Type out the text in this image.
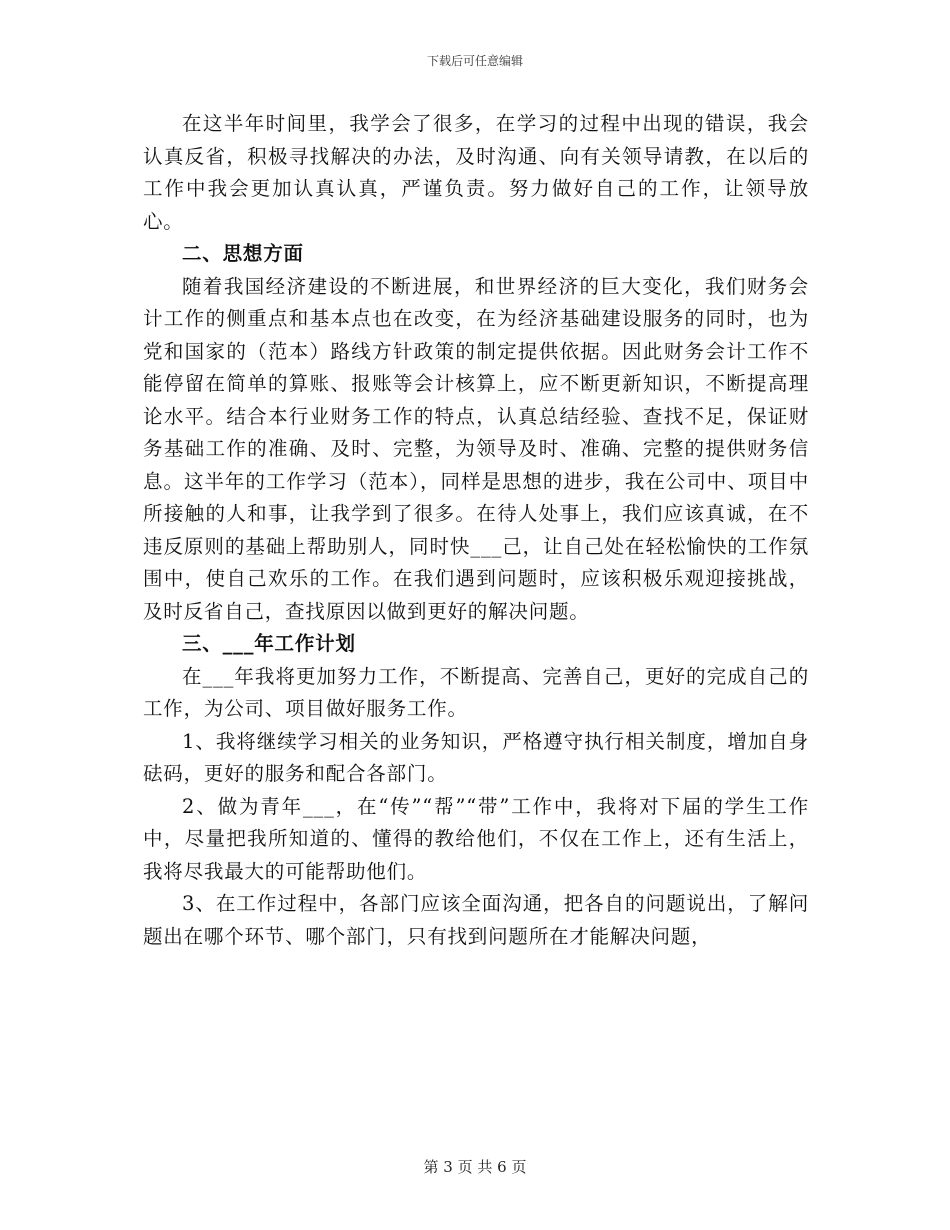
下载后可任意编辑

在这半年时间里，我学会了很多，在学习的过程中出现的错误，我会认真反省，积极寻找解决的办法，及时沟通、向有关领导请教，在以后的工作中我会更加认真认真，严谨负责。努力做好自己的工作，让领导放心。

二、思想方面

随着我国经济建设的不断进展，和世界经济的巨大变化，我们财务会计工作的侧重点和基本点也在改变，在为经济基础建设服务的同时，也为党和国家的（范本）路线方针政策的制定提供依据。因此财务会计工作不能停留在简单的算账、报账等会计核算上，应不断更新知识，不断提高理论水平。结合本行业财务工作的特点，认真总结经验、查找不足，保证财务基础工作的准确、及时、完整，为领导及时、准确、完整的提供财务信息。这半年的工作学习（范本），同样是思想的进步，我在公司中、项目中所接触的人和事，让我学到了很多。在待人处事上，我们应该真诚，在不违反原则的基础上帮助别人，同时快___己，让自己处在轻松愉快的工作氛围中，使自己欢乐的工作。在我们遇到问题时，应该积极乐观迎接挑战，及时反省自己，查找原因以做到更好的解决问题。

三、___年工作计划

在___年我将更加努力工作，不断提高、完善自己，更好的完成自己的工作，为公司、项目做好服务工作。

1、我将继续学习相关的业务知识，严格遵守执行相关制度，增加自身砝码，更好的服务和配合各部门。

2、做为青年___，在“传”“帮”“带”工作中，我将对下届的学生工作中，尽量把我所知道的、懂得的教给他们，不仅在工作上，还有生活上，我将尽我最大的可能帮助他们。

3、在工作过程中，各部门应该全面沟通，把各自的问题说出，了解问题出在哪个环节、哪个部门，只有找到问题所在才能解决问题，

第 3 页 共 6 页
